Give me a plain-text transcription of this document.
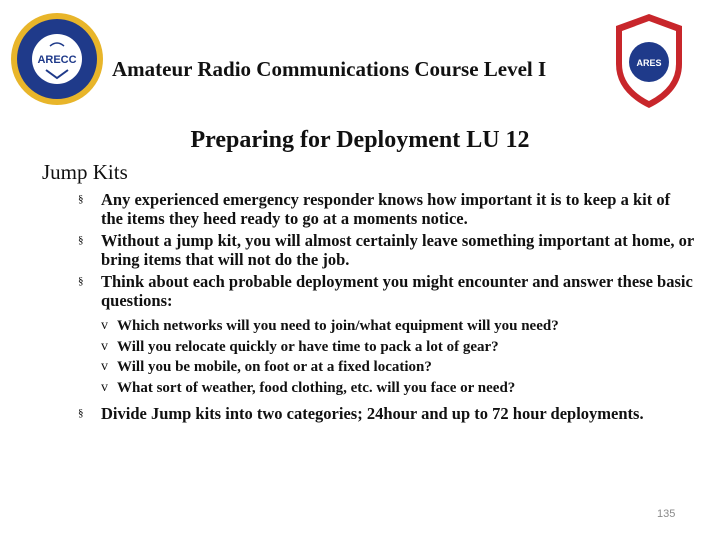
ARECC Amateur Radio Communications Course Level I	ARES
Preparing for Deployment LU 12
Jump Kits
§ Any experienced emergency responder knows how important it is to keep a kit of the items they heed ready to go at a moments notice.
§ Without a jump kit, you will almost certainly leave something important at home, or bring items that will not do the job.
§ Think about each probable deployment you might encounter and answer these basic questions:
v Which networks will you need to join/what equipment will you need?
v Will you relocate quickly or have time to pack a lot of gear?
v Will you be mobile, on foot or at a fixed location?
v What sort of weather, food clothing, etc. will you face or need?
§ Divide Jump kits into two categories; 24hour and up to 72 hour deployments.
135
